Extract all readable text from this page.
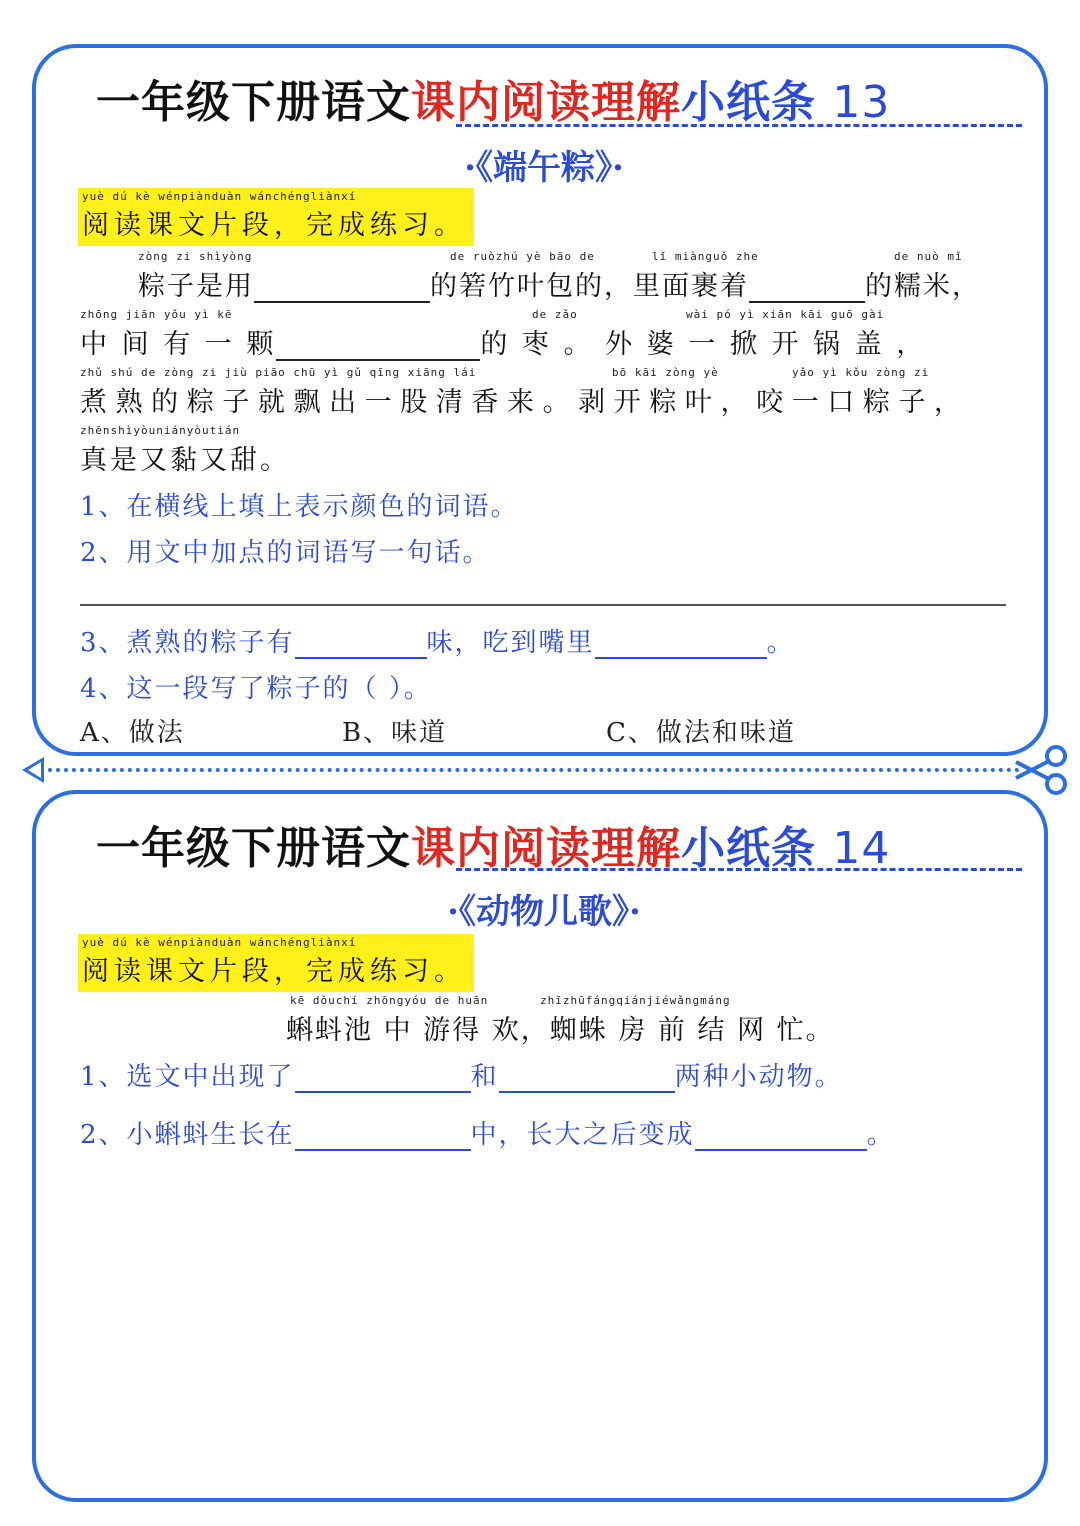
一年级下册语文课内阅读理解小纸条 13
·《端午粽》·
yuè dú kè wénpiànduàn wánchéngliànxí
阅读课文片段，完成练习。
zòng zi shìyòng	de ruòzhú yè bāo de	lǐ miànguǒ zhe	de nuò mǐ
粽子是用	的箬竹叶包的，里面裹着	的糯米，
zhōng jiān yǒu yì kē	de zǎo	wài pó yì xiān kāi guō gài
中 间 有 一 颗	的 枣 。 外 婆 一 掀 开 锅 盖 ，
zhǔ shú de zòng zi jiù piāo chū yì gǔ qīng xiāng lái	bō kāi zòng yè	yǎo yì kǒu zòng zi
煮 熟 的 粽 子 就 飘 出 一 股 清 香 来 。 剥 开 粽 叶 ， 咬 一 口 粽 子 ，
zhēnshìyòuniányòutián
真是又黏又甜。
1、在横线上填上表示颜色的词语。
2、用文中加点的词语写一句话。
3、煮熟的粽子有	味，吃到嘴里	。
4、这一段写了粽子的（ ）。
A、做法	B、味道	C、做法和味道
一年级下册语文课内阅读理解小纸条 14
·《动物儿歌》·
yuè dú kè wénpiànduàn wánchéngliànxí
阅读课文片段，完成练习。
kē dǒuchí zhōngyóu de huān	zhīzhūfángqiánjiéwǎngmáng
蝌蚪池 中 游得 欢，蜘蛛 房 前 结 网 忙。
1、选文中出现了	和	两种小动物。
2、小蝌蚪生长在	中，长大之后变成	。
